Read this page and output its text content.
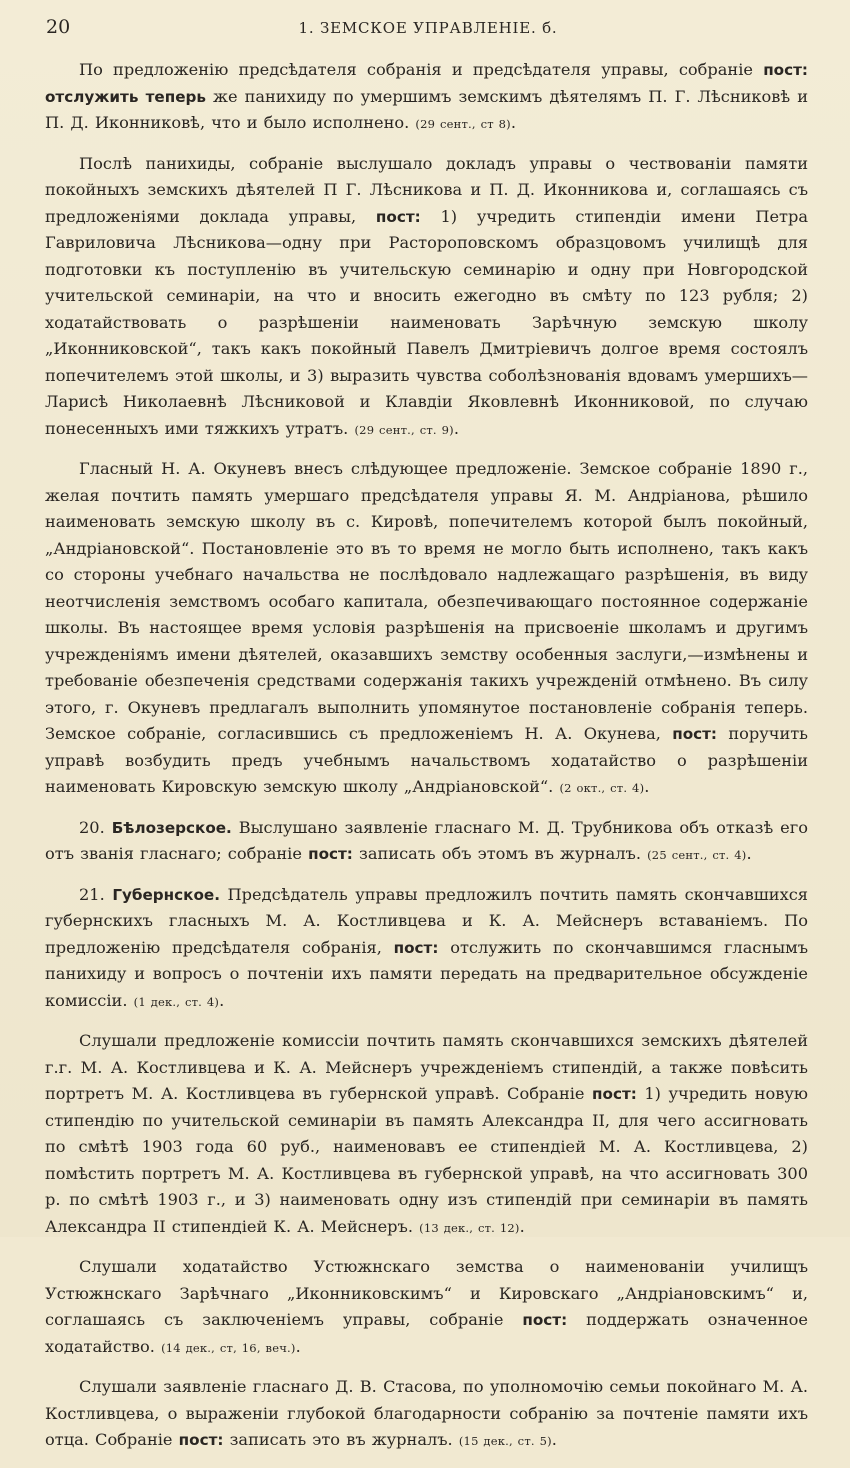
20	1. ЗЕМСКОЕ УПРАВЛЕНІЕ. б.

По предложенію предсѣдателя собранія и предсѣдателя управы, собраніе пост: отслужить теперь же панихиду по умершимъ земскимъ дѣятелямъ П. Г. Лѣсниковѣ и П. Д. Иконниковѣ, что и было исполнено. (29 сент., ст 8).

Послѣ панихиды, собраніе выслушало докладъ управы о чествованіи памяти покойныхъ земскихъ дѣятелей П Г. Лѣсникова и П. Д. Иконникова и, соглашаясь съ предложеніями доклада управы, пост: 1) учредить стипендіи имени Петра Гавриловича Лѣсникова—одну при Растороповскомъ образцовомъ училищѣ для подготовки къ поступленію въ учительскую семинарію и одну при Новгородской учительской семинаріи, на что и вносить ежегодно въ смѣту по 123 рубля; 2) ходатайствовать о разрѣшеніи наименовать Зарѣчную земскую школу „Иконниковской“, такъ какъ покойный Павелъ Дмитріевичъ долгое время состоялъ попечителемъ этой школы, и 3) выразить чувства соболѣзнованія вдовамъ умершихъ—Ларисѣ Николаевнѣ Лѣсниковой и Клавдіи Яковлевнѣ Иконниковой, по случаю понесенныхъ ими тяжкихъ утратъ. (29 сент., ст. 9).

Гласный Н. А. Окуневъ внесъ слѣдующее предложеніе. Земское собраніе 1890 г., желая почтить память умершаго предсѣдателя управы Я. М. Андріанова, рѣшило наименовать земскую школу въ с. Кировѣ, попечителемъ которой былъ покойный, „Андріановской“. Постановленіе это въ то время не могло быть исполнено, такъ какъ со стороны учебнаго начальства не послѣдовало надлежащаго разрѣшенія, въ виду неотчисленія земствомъ особаго капитала, обезпечивающаго постоянное содержаніе школы. Въ настоящее время условія разрѣшенія на присвоеніе школамъ и другимъ учрежденіямъ имени дѣятелей, оказавшихъ земству особенныя заслуги,—измѣнены и требованіе обезпеченія средствами содержанія такихъ учрежденій отмѣнено. Въ силу этого, г. Окуневъ предлагалъ выполнить упомянутое постановленіе собранія теперь. Земское собраніе, согласившись съ предложеніемъ Н. А. Окунева, пост: поручить управѣ возбудить предъ учебнымъ начальствомъ ходатайство о разрѣшеніи наименовать Кировскую земскую школу „Андріановской“. (2 окт., ст. 4).

20. Бѣлозерское. Выслушано заявленіе гласнаго М. Д. Трубникова объ отказѣ его отъ званія гласнаго; собраніе пост: записать объ этомъ въ журналъ. (25 сент., ст. 4).

21. Губернское. Предсѣдатель управы предложилъ почтить память скончавшихся губернскихъ гласныхъ М. А. Костливцева и К. А. Мейснеръ вставаніемъ. По предложенію предсѣдателя собранія, пост: отслужить по скончавшимся гласнымъ панихиду и вопросъ о почтеніи ихъ памяти передать на предварительное обсужденіе комиссіи. (1 дек., ст. 4).

Слушали предложеніе комиссіи почтить память скончавшихся земскихъ дѣятелей г.г. М. А. Костливцева и К. А. Мейснеръ учрежденіемъ стипендій, а также повѣсить портретъ М. А. Костливцева въ губернской управѣ. Собраніе пост: 1) учредить новую стипендію по учительской семинаріи въ память Александра II, для чего ассигновать по смѣтѣ 1903 года 60 руб., наименовавъ ее стипендіей М. А. Костливцева, 2) помѣстить портретъ М. А. Костливцева въ губернской управѣ, на что ассигновать 300 р. по смѣтѣ 1903 г., и 3) наименовать одну изъ стипендій при семинаріи въ память Александра II стипендіей К. А. Мейснеръ. (13 дек., ст. 12).

Слушали ходатайство Устюжнскаго земства о наименованіи училищъ Устюжнскаго Зарѣчнаго „Иконниковскимъ“ и Кировскаго „Андріановскимъ“ и, соглашаясь съ заключеніемъ управы, собраніе пост: поддержать означенное ходатайство. (14 дек., ст, 16, веч.).

Слушали заявленіе гласнаго Д. В. Стасова, по уполномочію семьи покойнаго М. А. Костливцева, о выраженіи глубокой благодарности собранію за почтеніе памяти ихъ отца. Собраніе пост: записать это въ журналъ. (15 дек., ст. 5).
